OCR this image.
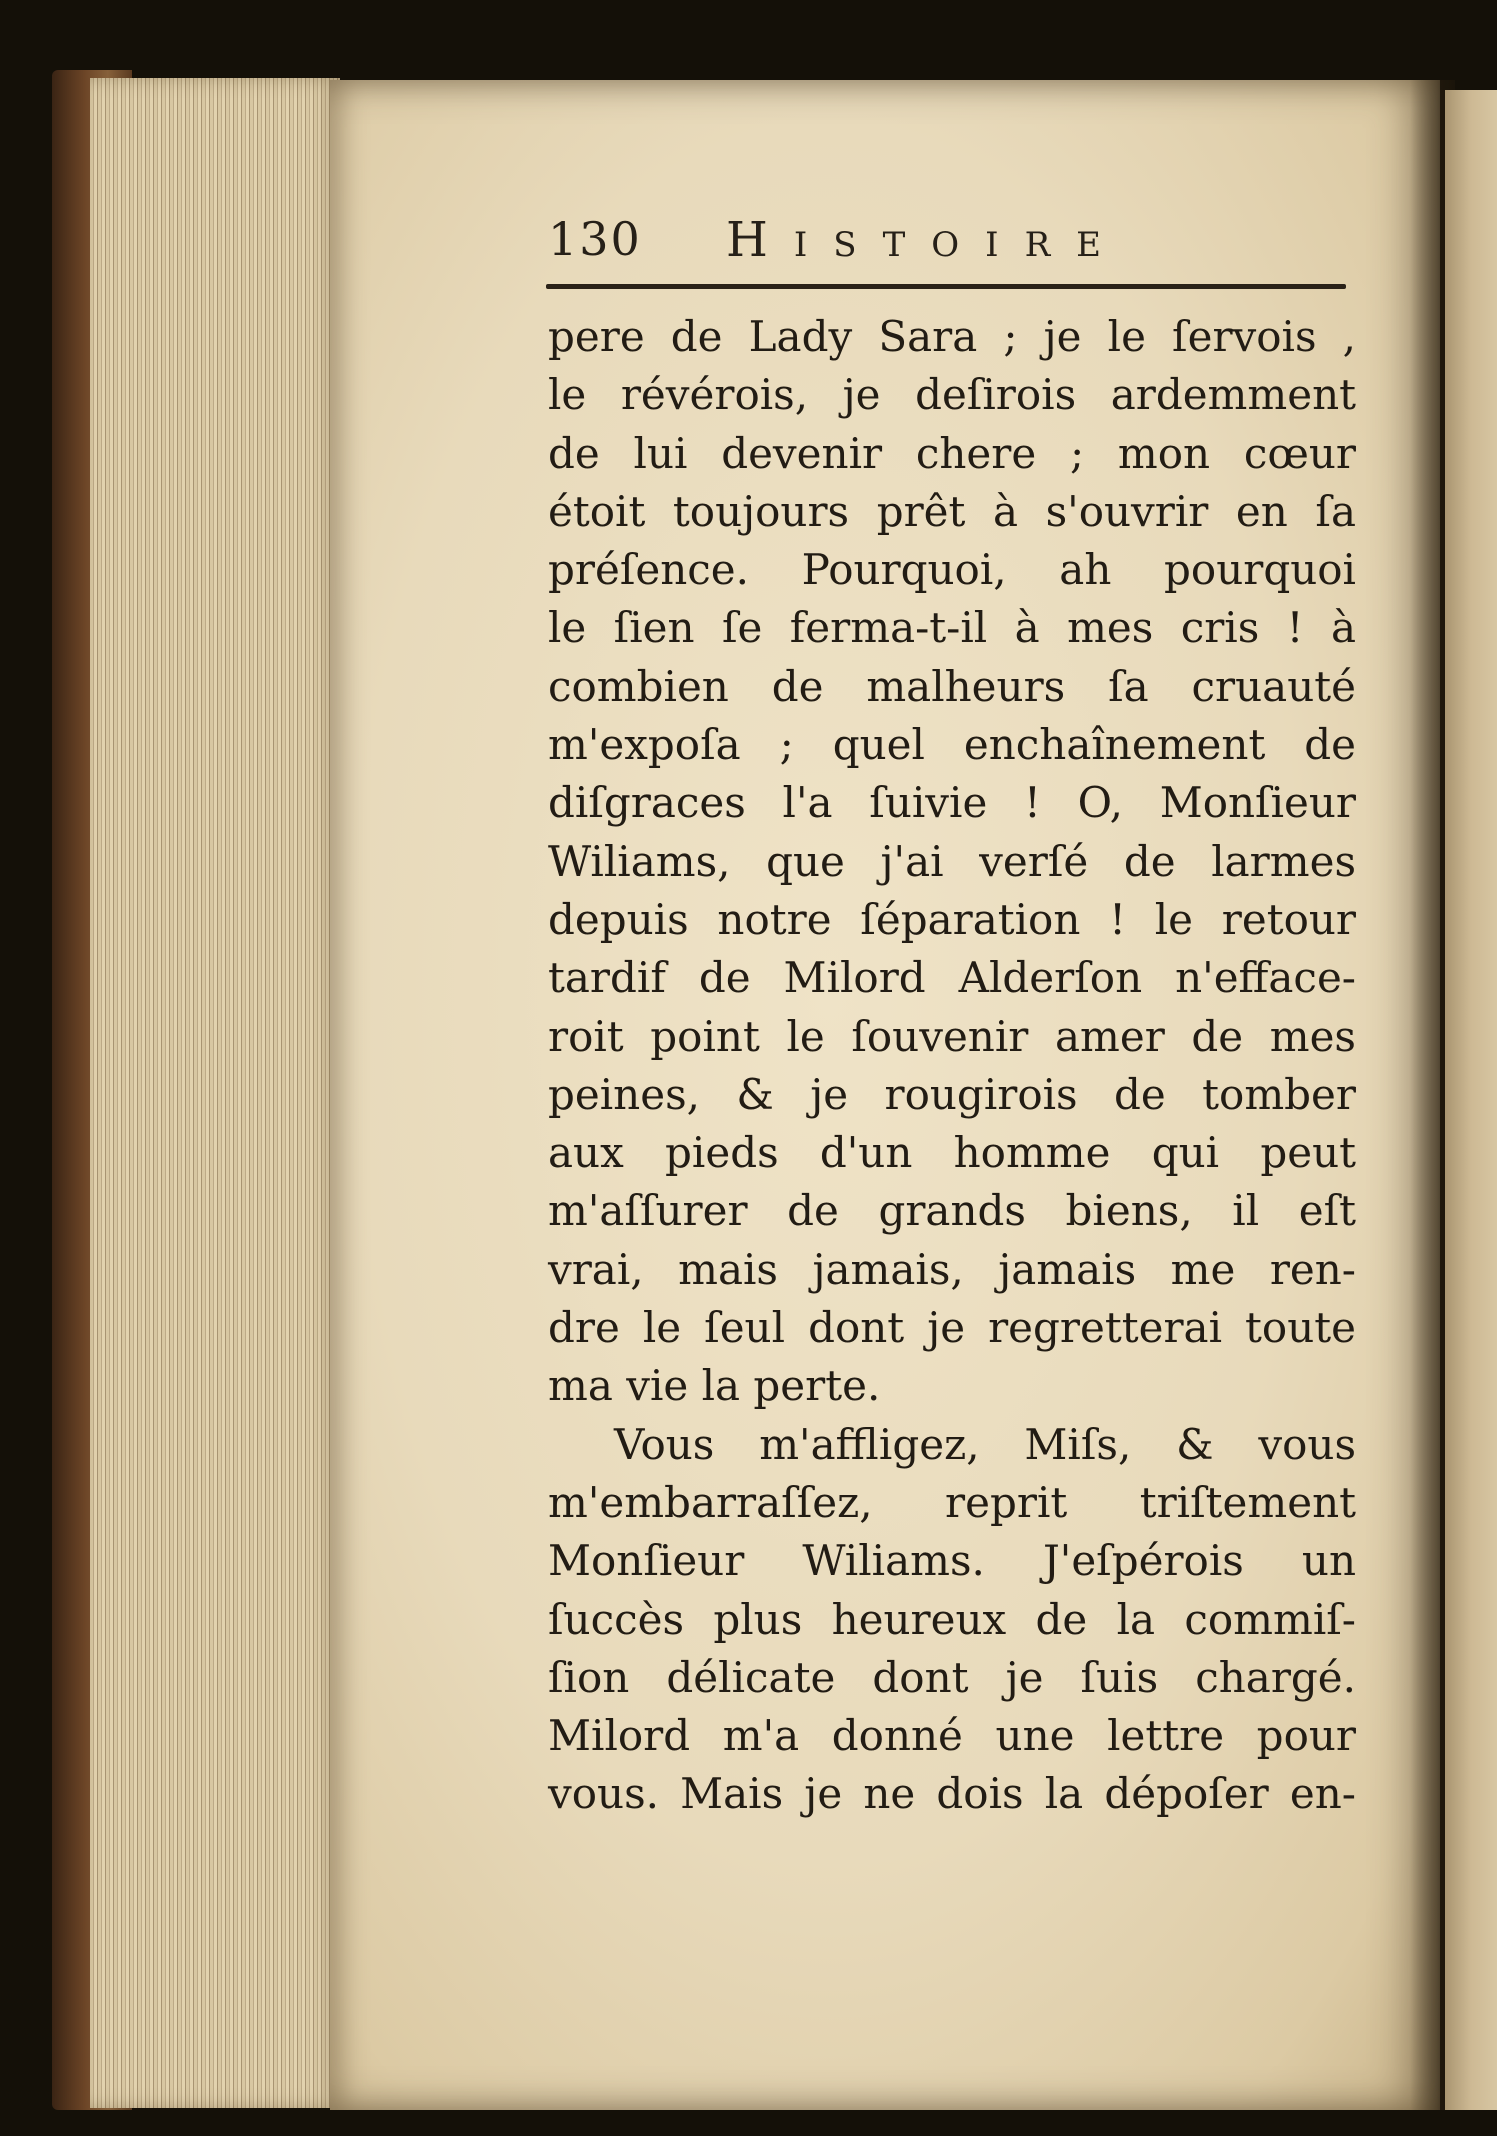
130 Histoire
pere de Lady Sara ; je le ſervois ,
le révérois, je deſirois ardemment
de lui devenir chere ; mon cœur
étoit toujours prêt à s'ouvrir en ſa
préſence. Pourquoi, ah pourquoi
le ſien ſe ferma-t-il à mes cris ! à
combien de malheurs ſa cruauté
m'expoſa ; quel enchaînement de
diſgraces l'a ſuivie ! O, Monſieur
Wiliams, que j'ai verſé de larmes
depuis notre ſéparation ! le retour
tardif de Milord Alderſon n'efface-
roit point le ſouvenir amer de mes
peines, & je rougirois de tomber
aux pieds d'un homme qui peut
m'aſſurer de grands biens, il eſt
vrai, mais jamais, jamais me ren-
dre le ſeul dont je regretterai toute
ma vie la perte.
Vous m'affligez, Miſs, & vous
m'embarraſſez, reprit triſtement
Monſieur Wiliams. J'eſpérois un
ſuccès plus heureux de la commiſ-
ſion délicate dont je ſuis chargé.
Milord m'a donné une lettre pour
vous. Mais je ne dois la dépoſer en-
